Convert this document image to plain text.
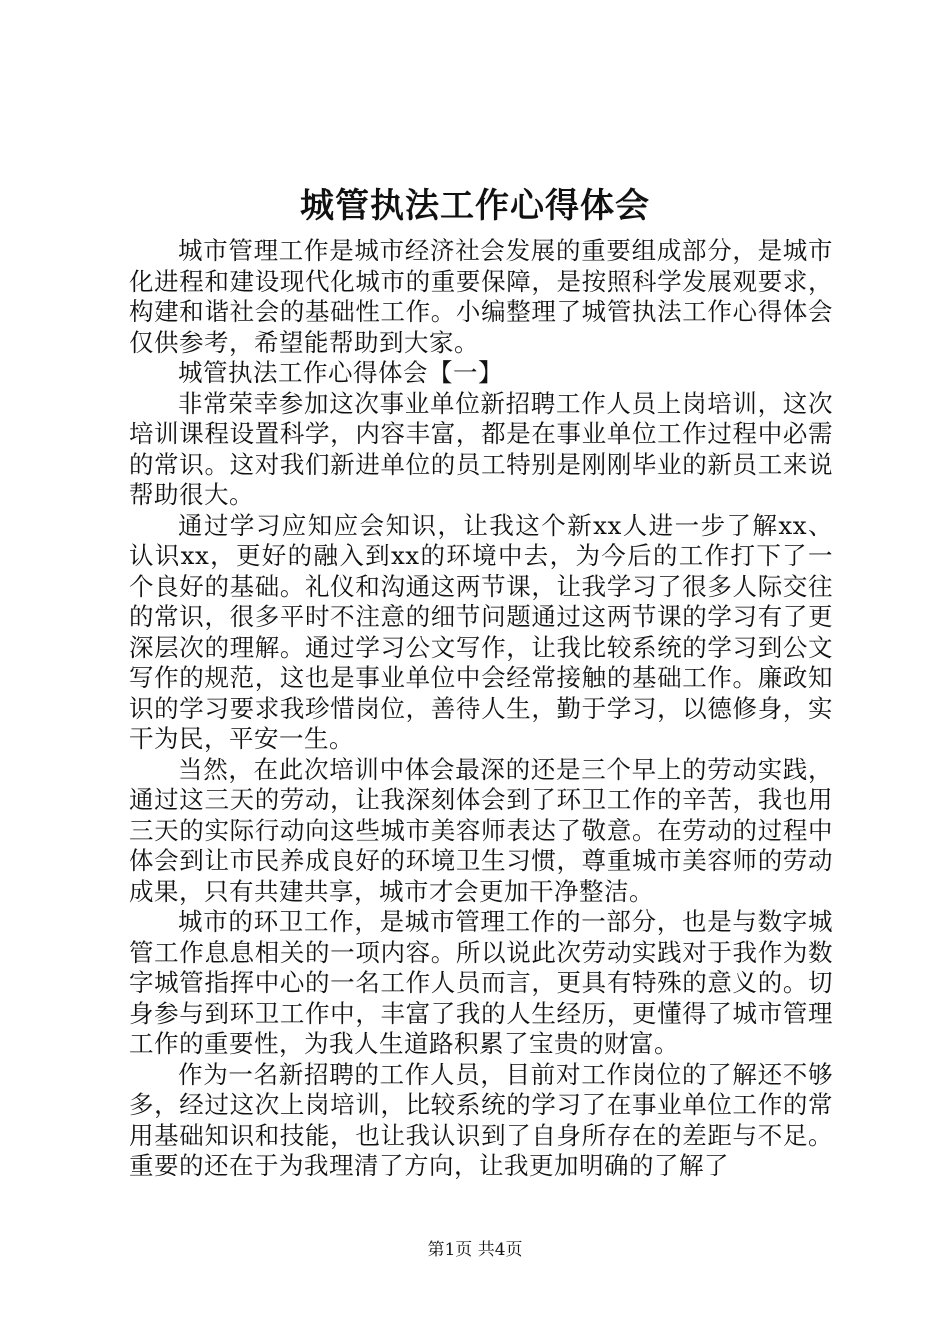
城管执法工作心得体会

城市管理工作是城市经济社会发展的重要组成部分，是城市化进程和建设现代化城市的重要保障，是按照科学发展观要求，构建和谐社会的基础性工作。小编整理了城管执法工作心得体会仅供参考，希望能帮助到大家。

城管执法工作心得体会【一】

非常荣幸参加这次事业单位新招聘工作人员上岗培训，这次培训课程设置科学，内容丰富，都是在事业单位工作过程中必需的常识。这对我们新进单位的员工特别是刚刚毕业的新员工来说帮助很大。

通过学习应知应会知识，让我这个新xx人进一步了解xx、认识xx，更好的融入到xx的环境中去，为今后的工作打下了一个良好的基础。礼仪和沟通这两节课，让我学习了很多人际交往的常识，很多平时不注意的细节问题通过这两节课的学习有了更深层次的理解。通过学习公文写作，让我比较系统的学习到公文写作的规范，这也是事业单位中会经常接触的基础工作。廉政知识的学习要求我珍惜岗位，善待人生，勤于学习，以德修身，实干为民，平安一生。

当然，在此次培训中体会最深的还是三个早上的劳动实践，通过这三天的劳动，让我深刻体会到了环卫工作的辛苦，我也用三天的实际行动向这些城市美容师表达了敬意。在劳动的过程中体会到让市民养成良好的环境卫生习惯，尊重城市美容师的劳动成果，只有共建共享，城市才会更加干净整洁。

城市的环卫工作，是城市管理工作的一部分，也是与数字城管工作息息相关的一项内容。所以说此次劳动实践对于我作为数字城管指挥中心的一名工作人员而言，更具有特殊的意义的。切身参与到环卫工作中，丰富了我的人生经历，更懂得了城市管理工作的重要性，为我人生道路积累了宝贵的财富。

作为一名新招聘的工作人员，目前对工作岗位的了解还不够多，经过这次上岗培训，比较系统的学习了在事业单位工作的常用基础知识和技能，也让我认识到了自身所存在的差距与不足。重要的还在于为我理清了方向，让我更加明确的了解了

第1页 共4页
